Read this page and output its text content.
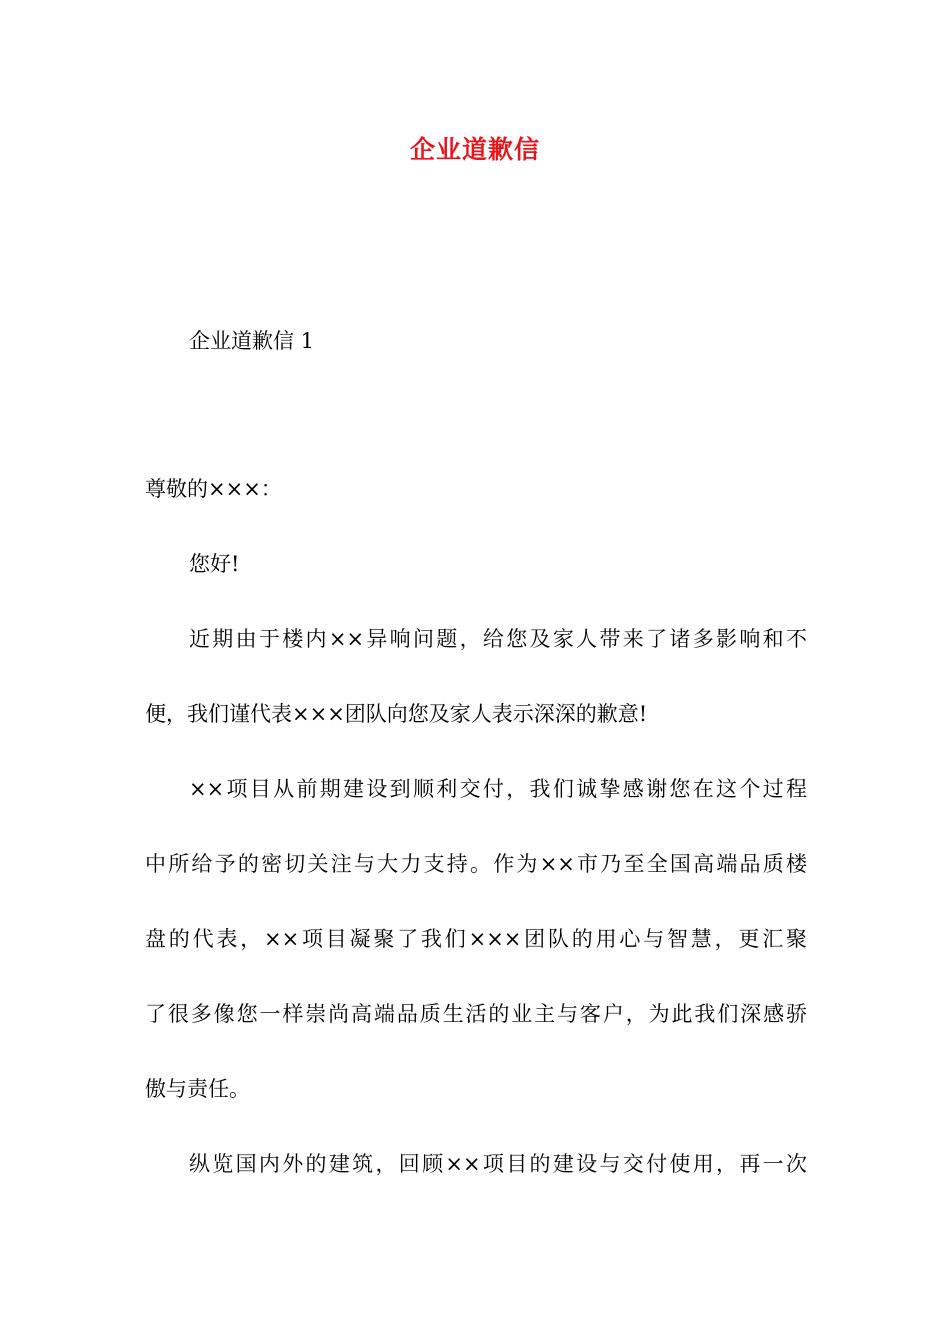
企业道歉信
企业道歉信 1
尊敬的×××：
您好!
近期由于楼内××异响问题，给您及家人带来了诸多影响和不
便，我们谨代表×××团队向您及家人表示深深的歉意!
××项目从前期建设到顺利交付，我们诚挚感谢您在这个过程
中所给予的密切关注与大力支持。作为××市乃至全国高端品质楼
盘的代表，××项目凝聚了我们×××团队的用心与智慧，更汇聚
了很多像您一样崇尚高端品质生活的业主与客户，为此我们深感骄
傲与责任。
纵览国内外的建筑，回顾××项目的建设与交付使用，再一次
